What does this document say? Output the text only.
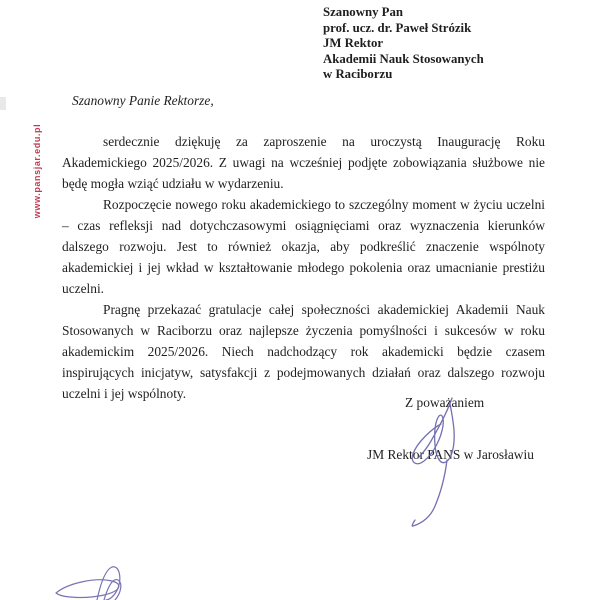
www.pansjar.edu.pl
Szanowny Pan
prof. ucz. dr. Paweł Strózik
JM Rektor
Akademii Nauk Stosowanych
w Raciborzu
Szanowny Panie Rektorze,

serdecznie dziękuję za zaproszenie na uroczystą Inaugurację Roku Akademickiego 2025/2026. Z uwagi na wcześniej podjęte zobowiązania służbowe nie będę mogła wziąć udziału w wydarzeniu.

Rozpoczęcie nowego roku akademickiego to szczególny moment w życiu uczelni – czas refleksji nad dotychczasowymi osiągnięciami oraz wyznaczenia kierunków dalszego rozwoju. Jest to również okazja, aby podkreślić znaczenie wspólnoty akademickiej i jej wkład w kształtowanie młodego pokolenia oraz umacnianie prestiżu uczelni.

Pragnę przekazać gratulacje całej społeczności akademickiej Akademii Nauk Stosowanych w Raciborzu oraz najlepsze życzenia pomyślności i sukcesów w roku akademickim 2025/2026. Niech nadchodzący rok akademicki będzie czasem inspirujących inicjatyw, satysfakcji z podejmowanych działań oraz dalszego rozwoju uczelni i jej wspólnoty.

Z poważaniem
JM Rektor PANS w Jarosławiu
